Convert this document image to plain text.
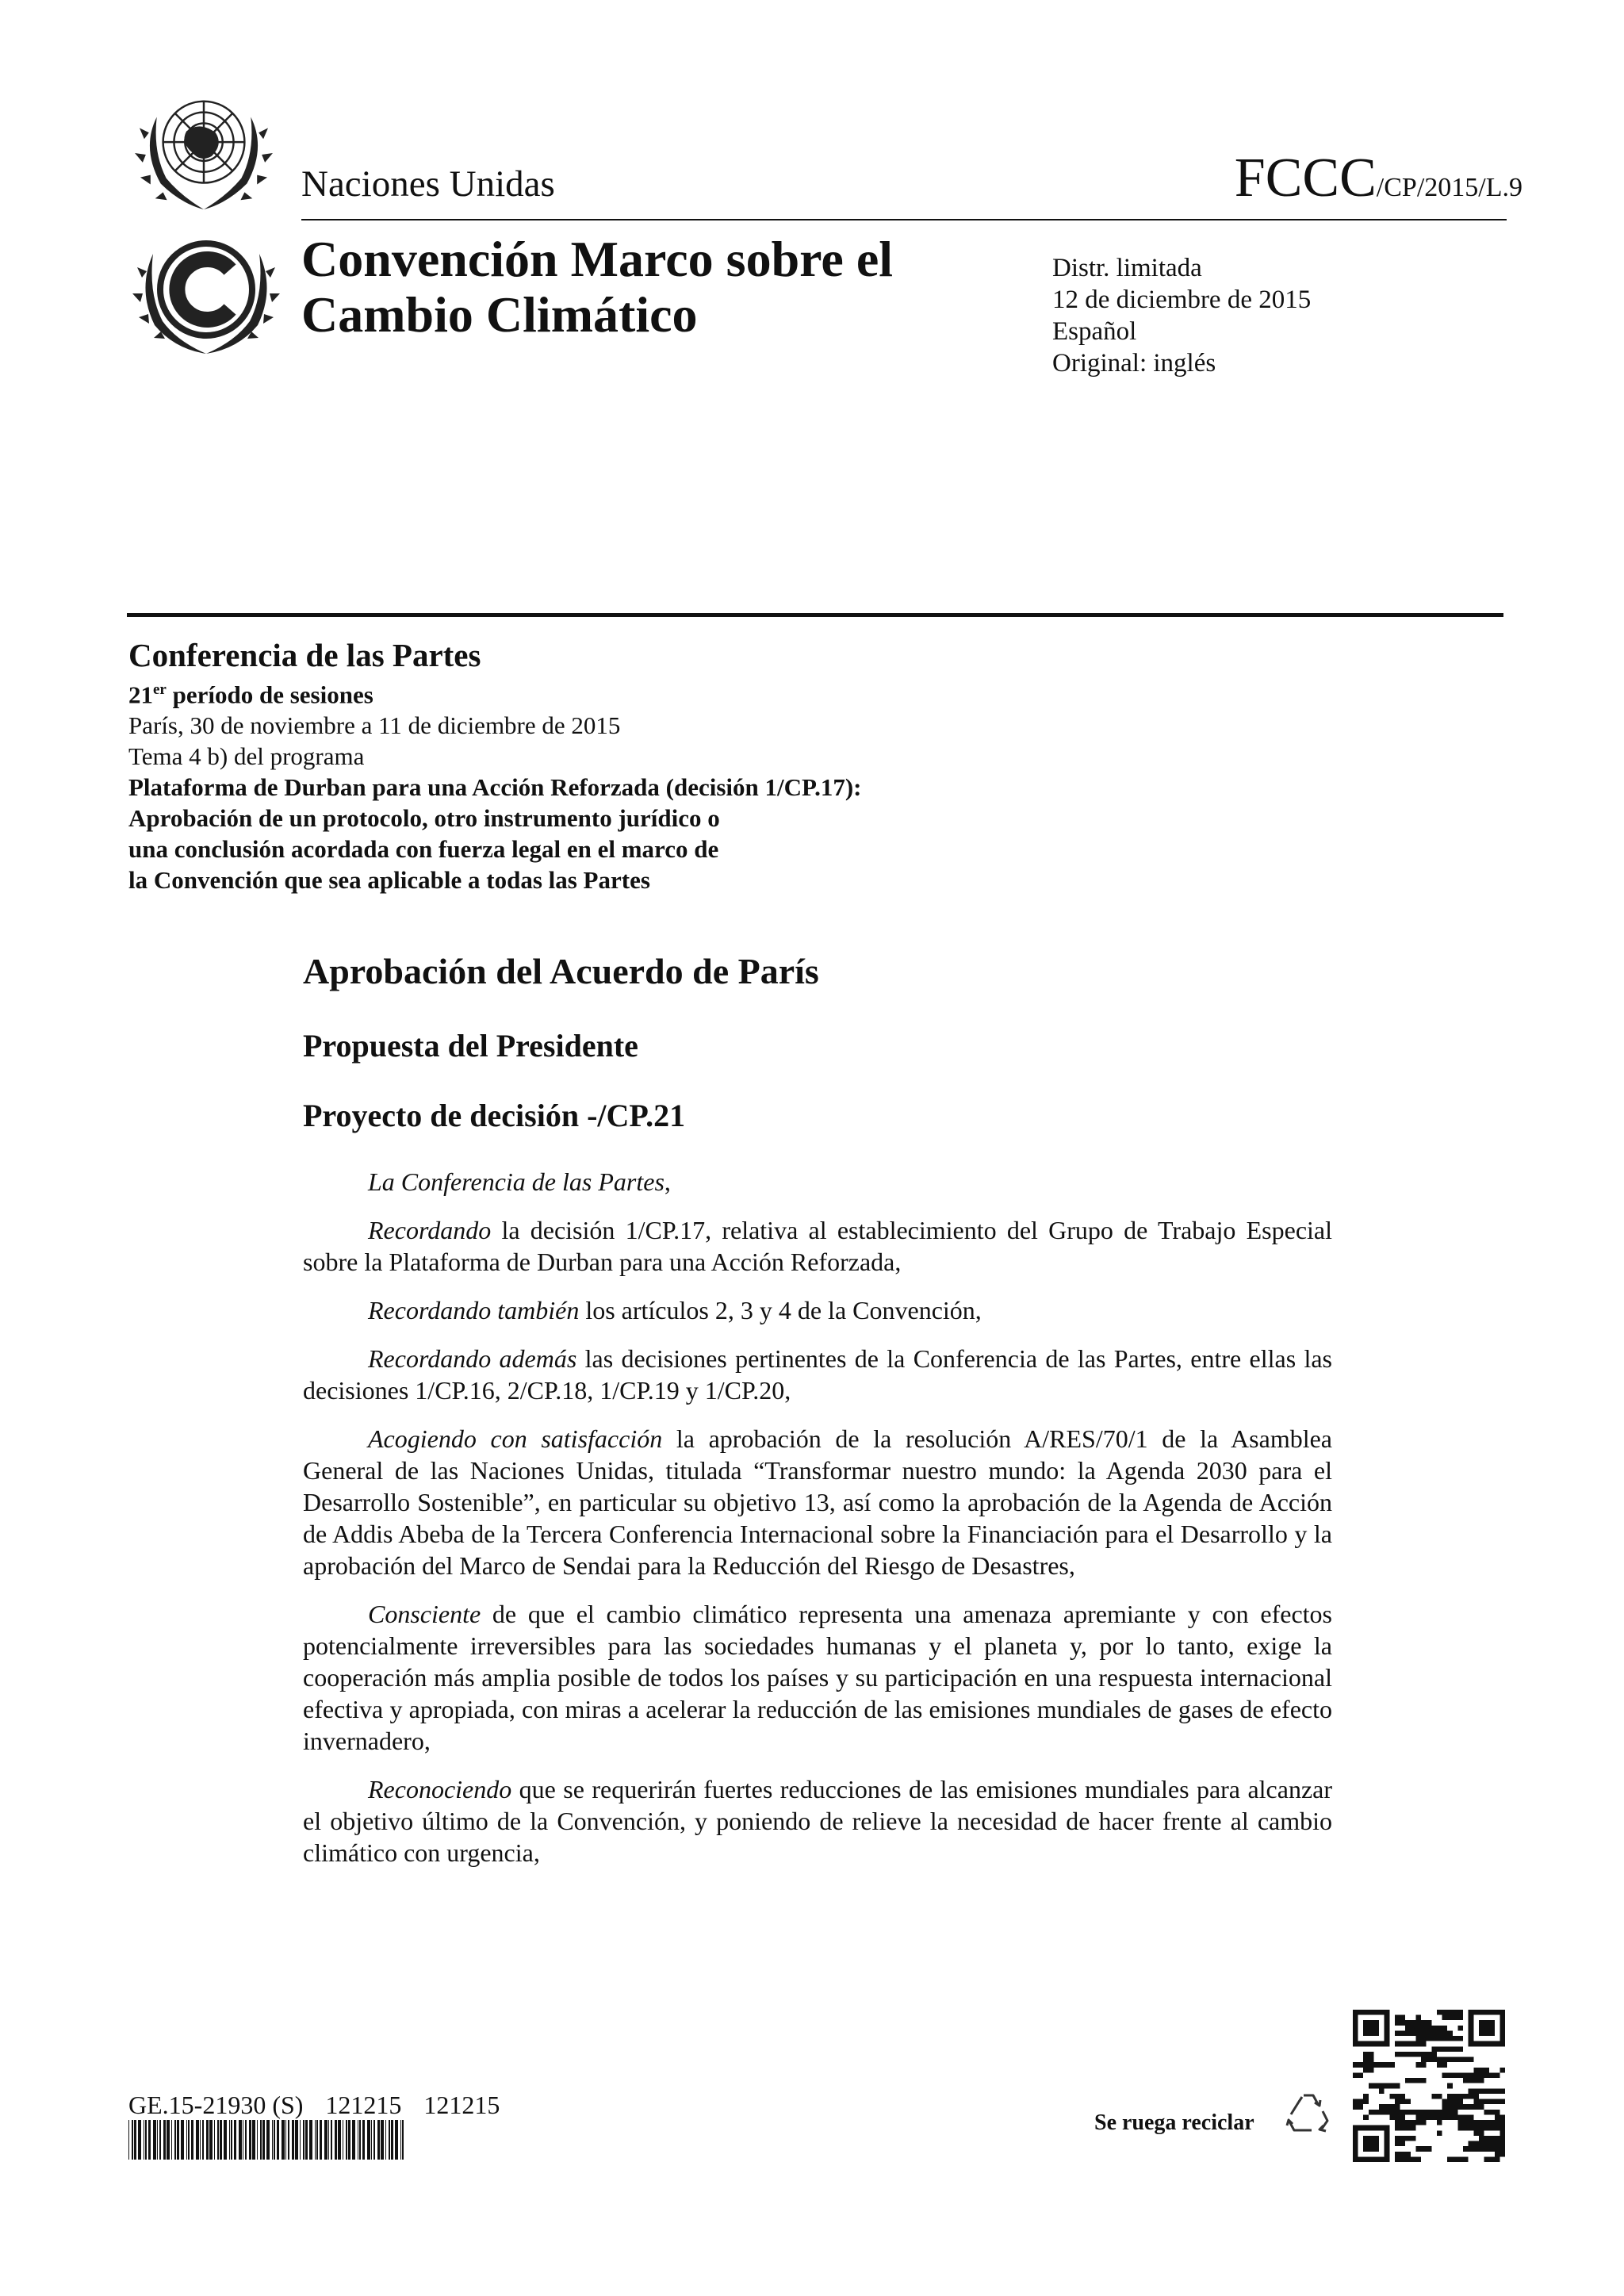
Naciones Unidas	FCCC/CP/2015/L.9
Convención Marco sobre el
Cambio Climático
Distr. limitada
12 de diciembre de 2015
Español
Original: inglés
Conferencia de las Partes
21er período de sesiones
París, 30 de noviembre a 11 de diciembre de 2015
Tema 4 b) del programa
Plataforma de Durban para una Acción Reforzada (decisión 1/CP.17):
Aprobación de un protocolo, otro instrumento jurídico o
una conclusión acordada con fuerza legal en el marco de
la Convención que sea aplicable a todas las Partes
Aprobación del Acuerdo de París
Propuesta del Presidente
Proyecto de decisión -/CP.21

La Conferencia de las Partes,

Recordando la decisión 1/CP.17, relativa al establecimiento del Grupo de Trabajo Especial sobre la Plataforma de Durban para una Acción Reforzada,

Recordando también los artículos 2, 3 y 4 de la Convención,

Recordando además las decisiones pertinentes de la Conferencia de las Partes, entre ellas las decisiones 1/CP.16, 2/CP.18, 1/CP.19 y 1/CP.20,

Acogiendo con satisfacción la aprobación de la resolución A/RES/70/1 de la Asamblea General de las Naciones Unidas, titulada “Transformar nuestro mundo: la Agenda 2030 para el Desarrollo Sostenible”, en particular su objetivo 13, así como la aprobación de la Agenda de Acción de Addis Abeba de la Tercera Conferencia Internacional sobre la Financiación para el Desarrollo y la aprobación del Marco de Sendai para la Reducción del Riesgo de Desastres,

Consciente de que el cambio climático representa una amenaza apremiante y con efectos potencialmente irreversibles para las sociedades humanas y el planeta y, por lo tanto, exige la cooperación más amplia posible de todos los países y su participación en una respuesta internacional efectiva y apropiada, con miras a acelerar la reducción de las emisiones mundiales de gases de efecto invernadero,

Reconociendo que se requerirán fuertes reducciones de las emisiones mundiales para alcanzar el objetivo último de la Convención, y poniendo de relieve la necesidad de hacer frente al cambio climático con urgencia,

GE.15-21930 (S) 121215 121215
Se ruega reciclar
